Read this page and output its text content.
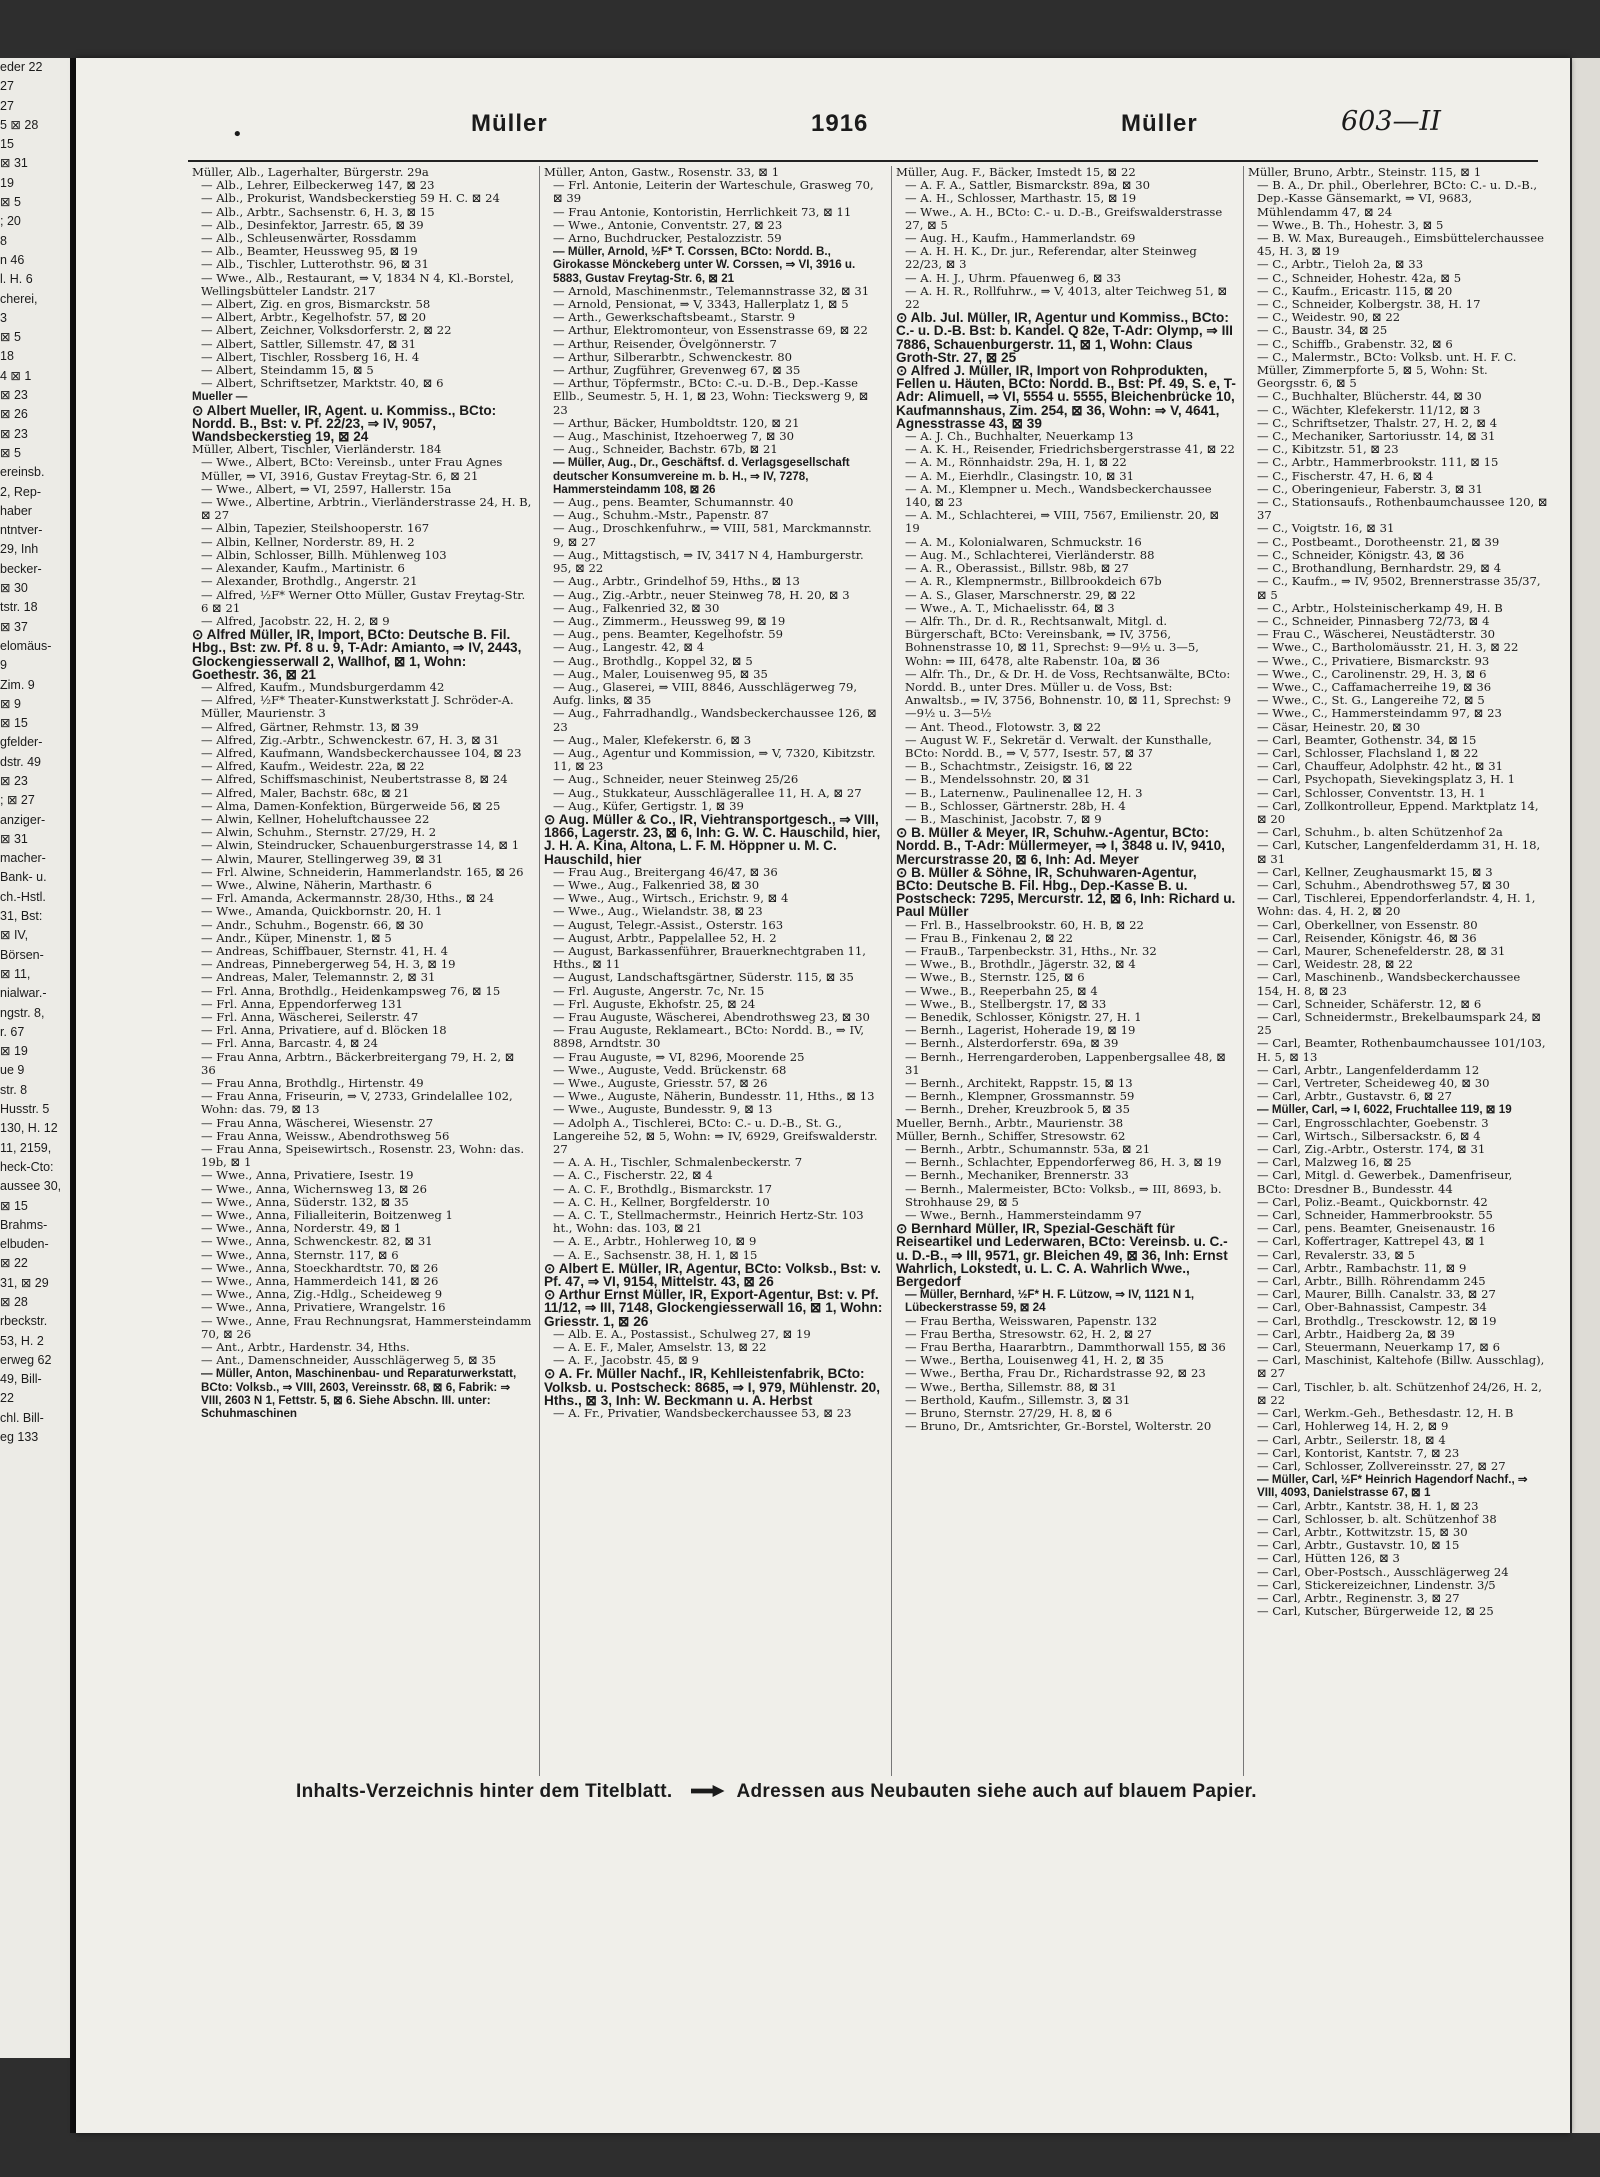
eder 22
27
27
5 ⊠ 28
15
⊠ 31
19
⊠ 5
; 20
8
n 46
l. H. 6
cherei,
3
⊠ 5
18
4 ⊠ 1
⊠ 23
⊠ 26
⊠ 23
⊠ 5
ereinsb.
2, Rep-
haber
ntntver-
29, Inh
becker-
⊠ 30
tstr. 18
⊠ 37
elomäus-
9
Zim. 9
⊠ 9
⊠ 15
gfelder-
dstr. 49
⊠ 23
; ⊠ 27
anziger-
⊠ 31
macher-
Bank- u.
ch.-Hstl.
31, Bst:
⊠ IV,
Börsen-
⊠ 11,
nialwar.-
ngstr. 8,
r. 67
⊠ 19
ue 9
str. 8
Husstr. 5
130, H. 12
11, 2159,
heck-Cto:
aussee 30,
⊠ 15
Brahms-
elbuden-
⊠ 22
31, ⊠ 29
⊠ 28
rbeckstr.
53, H. 2
erweg 62
49, Bill-
22
chl. Bill-
eg 133
•	Müller	1916	Müller	603—II
Müller, Alb., Lagerhalter, Bürgerstr. 29a
— Alb., Lehrer, Eilbeckerweg 147, ⊠ 23
— Alb., Prokurist, Wandsbeckerstieg 59 H. C. ⊠ 24
— Alb., Arbtr., Sachsenstr. 6, H. 3, ⊠ 15
— Alb., Desinfektor, Jarrestr. 65, ⊠ 39
— Alb., Schleusenwärter, Rossdamm
— Alb., Beamter, Heussweg 95, ⊠ 19
— Alb., Tischler, Lutterothstr. 96, ⊠ 31
— Wwe., Alb., Restaurant, ⇒ V, 1834 N 4, Kl.-Borstel, Wellingsbütteler Landstr. 217
— Albert, Zig. en gros, Bismarckstr. 58
— Albert, Arbtr., Kegelhofstr. 57, ⊠ 20
— Albert, Zeichner, Volksdorferstr. 2, ⊠ 22
— Albert, Sattler, Sillemstr. 47, ⊠ 31
— Albert, Tischler, Rossberg 16, H. 4
— Albert, Steindamm 15, ⊠ 5
— Albert, Schriftsetzer, Marktstr. 40, ⊠ 6
Mueller —
⊙ Albert Mueller, IR, Agent. u. Kommiss., BCto: Nordd. B., Bst: v. Pf. 22/23, ⇒ IV, 9057, Wandsbeckerstieg 19, ⊠ 24
Müller, Albert, Tischler, Vierländerstr. 184
— Wwe., Albert, BCto: Vereinsb., unter Frau Agnes Müller, ⇒ VI, 3916, Gustav Freytag-Str. 6, ⊠ 21
— Wwe., Albert, ⇒ VI, 2597, Hallerstr. 15a
— Wwe., Albertine, Arbtrin., Vierländerstrasse 24, H. B, ⊠ 27
— Albin, Tapezier, Steilshooperstr. 167
— Albin, Kellner, Norderstr. 89, H. 2
— Albin, Schlosser, Billh. Mühlenweg 103
— Alexander, Kaufm., Martinistr. 6
— Alexander, Brothdlg., Angerstr. 21
— Alfred, ½F* Werner Otto Müller, Gustav Freytag-Str. 6 ⊠ 21
— Alfred, Jacobstr. 22, H. 2, ⊠ 9
⊙ Alfred Müller, IR, Import, BCto: Deutsche B. Fil. Hbg., Bst: zw. Pf. 8 u. 9, T-Adr: Amianto, ⇒ IV, 2443, Glockengiesserwall 2, Wallhof, ⊠ 1, Wohn: Goethestr. 36, ⊠ 21
— Alfred, Kaufm., Mundsburgerdamm 42
— Alfred, ½F* Theater-Kunstwerkstatt J. Schröder-A. Müller, Maurienstr. 3
— Alfred, Gärtner, Rehmstr. 13, ⊠ 39
— Alfred, Zig.-Arbtr., Schwenckestr. 67, H. 3, ⊠ 31
— Alfred, Kaufmann, Wandsbeckerchaussee 104, ⊠ 23
— Alfred, Kaufm., Weidestr. 22a, ⊠ 22
— Alfred, Schiffsmaschinist, Neubertstrasse 8, ⊠ 24
— Alfred, Maler, Bachstr. 68c, ⊠ 21
— Alma, Damen-Konfektion, Bürgerweide 56, ⊠ 25
— Alwin, Kellner, Hoheluftchaussee 22
— Alwin, Schuhm., Sternstr. 27/29, H. 2
— Alwin, Steindrucker, Schauenburgerstrasse 14, ⊠ 1
— Alwin, Maurer, Stellingerweg 39, ⊠ 31
— Frl. Alwine, Schneiderin, Hammerlandstr. 165, ⊠ 26
— Wwe., Alwine, Näherin, Marthastr. 6
— Frl. Amanda, Ackermannstr. 28/30, Hths., ⊠ 24
— Wwe., Amanda, Quickbornstr. 20, H. 1
— Andr., Schuhm., Bogenstr. 66, ⊠ 30
— Andr., Küper, Minenstr. 1, ⊠ 5
— Andreas, Schiffbauer, Sternstr. 41, H. 4
— Andreas, Pinnebergerweg 54, H. 3, ⊠ 19
— Andreas, Maler, Telemannstr. 2, ⊠ 31
— Frl. Anna, Brothdlg., Heidenkampsweg 76, ⊠ 15
— Frl. Anna, Eppendorferweg 131
— Frl. Anna, Wäscherei, Seilerstr. 47
— Frl. Anna, Privatiere, auf d. Blöcken 18
— Frl. Anna, Barcastr. 4, ⊠ 24
— Frau Anna, Arbtrn., Bäckerbreitergang 79, H. 2, ⊠ 36
— Frau Anna, Brothdlg., Hirtenstr. 49
— Frau Anna, Friseurin, ⇒ V, 2733, Grindelallee 102, Wohn: das. 79, ⊠ 13
— Frau Anna, Wäscherei, Wiesenstr. 27
— Frau Anna, Weissw., Abendrothsweg 56
— Frau Anna, Speisewirtsch., Rosenstr. 23, Wohn: das. 19b, ⊠ 1
— Wwe., Anna, Privatiere, Isestr. 19
— Wwe., Anna, Wichernsweg 13, ⊠ 26
— Wwe., Anna, Süderstr. 132, ⊠ 35
— Wwe., Anna, Filialleiterin, Boitzenweg 1
— Wwe., Anna, Norderstr. 49, ⊠ 1
— Wwe., Anna, Schwenckestr. 82, ⊠ 31
— Wwe., Anna, Sternstr. 117, ⊠ 6
— Wwe., Anna, Stoeckhardtstr. 70, ⊠ 26
— Wwe., Anna, Hammerdeich 141, ⊠ 26
— Wwe., Anna, Zig.-Hdlg., Scheideweg 9
— Wwe., Anna, Privatiere, Wrangelstr. 16
— Wwe., Anne, Frau Rechnungsrat, Hammersteindamm 70, ⊠ 26
— Ant., Arbtr., Hardenstr. 34, Hths.
— Ant., Damenschneider, Ausschlägerweg 5, ⊠ 35
— Müller, Anton, Maschinenbau- und Reparaturwerkstatt, BCto: Volksb., ⇒ VIII, 2603, Vereinsstr. 68, ⊠ 6, Fabrik: ⇒ VIII, 2603 N 1, Fettstr. 5, ⊠ 6. Siehe Abschn. III. unter: Schuhmaschinen
Müller, Anton, Gastw., Rosenstr. 33, ⊠ 1
— Frl. Antonie, Leiterin der Warteschule, Grasweg 70, ⊠ 39
— Frau Antonie, Kontoristin, Herrlichkeit 73, ⊠ 11
— Wwe., Antonie, Conventstr. 27, ⊠ 23
— Arno, Buchdrucker, Pestalozzistr. 59
— Müller, Arnold, ½F* T. Corssen, BCto: Nordd. B., Girokasse Mönckeberg unter W. Corssen, ⇒ VI, 3916 u. 5883, Gustav Freytag-Str. 6, ⊠ 21
— Arnold, Maschinenmstr., Telemannstrasse 32, ⊠ 31
— Arnold, Pensionat, ⇒ V, 3343, Hallerplatz 1, ⊠ 5
— Arth., Gewerkschaftsbeamt., Starstr. 9
— Arthur, Elektromonteur, von Essenstrasse 69, ⊠ 22
— Arthur, Reisender, Övelgönnerstr. 7
— Arthur, Silberarbtr., Schwenckestr. 80
— Arthur, Zugführer, Grevenweg 67, ⊠ 35
— Arthur, Töpfermstr., BCto: C.-u. D.-B., Dep.-Kasse Ellb., Seumestr. 5, H. 1, ⊠ 23, Wohn: Tieckswerg 9, ⊠ 23
— Arthur, Bäcker, Humboldtstr. 120, ⊠ 21
— Aug., Maschinist, Itzehoerweg 7, ⊠ 30
— Aug., Schneider, Bachstr. 67b, ⊠ 21
— Müller, Aug., Dr., Geschäftsf. d. Verlagsgesellschaft deutscher Konsumvereine m. b. H., ⇒ IV, 7278, Hammersteindamm 108, ⊠ 26
— Aug., pens. Beamter, Schumannstr. 40
— Aug., Schuhm.-Mstr., Papenstr. 87
— Aug., Droschkenfuhrw., ⇒ VIII, 581, Marckmannstr. 9, ⊠ 27
— Aug., Mittagstisch, ⇒ IV, 3417 N 4, Hamburgerstr. 95, ⊠ 22
— Aug., Arbtr., Grindelhof 59, Hths., ⊠ 13
— Aug., Zig.-Arbtr., neuer Steinweg 78, H. 20, ⊠ 3
— Aug., Falkenried 32, ⊠ 30
— Aug., Zimmerm., Heussweg 99, ⊠ 19
— Aug., pens. Beamter, Kegelhofstr. 59
— Aug., Langestr. 42, ⊠ 4
— Aug., Brothdlg., Koppel 32, ⊠ 5
— Aug., Maler, Louisenweg 95, ⊠ 35
— Aug., Glaserei, ⇒ VIII, 8846, Ausschlägerweg 79, Aufg. links, ⊠ 35
— Aug., Fahrradhandlg., Wandsbeckerchaussee 126, ⊠ 23
— Aug., Maler, Klefekerstr. 6, ⊠ 3
— Aug., Agentur und Kommission, ⇒ V, 7320, Kibitzstr. 11, ⊠ 23
— Aug., Schneider, neuer Steinweg 25/26
— Aug., Stukkateur, Ausschlägerallee 11, H. A, ⊠ 27
— Aug., Küfer, Gertigstr. 1, ⊠ 39
⊙ Aug. Müller & Co., IR, Viehtransportgesch., ⇒ VIII, 1866, Lagerstr. 23, ⊠ 6, Inh: G. W. C. Hauschild, hier, J. H. A. Kina, Altona, L. F. M. Höppner u. M. C. Hauschild, hier
— Frau Aug., Breitergang 46/47, ⊠ 36
— Wwe., Aug., Falkenried 38, ⊠ 30
— Wwe., Aug., Wirtsch., Erichstr. 9, ⊠ 4
— Wwe., Aug., Wielandstr. 38, ⊠ 23
— August, Telegr.-Assist., Osterstr. 163
— August, Arbtr., Pappelallee 52, H. 2
— August, Barkassenführer, Brauerknechtgraben 11, Hths., ⊠ 11
— August, Landschaftsgärtner, Süderstr. 115, ⊠ 35
— Frl. Auguste, Angerstr. 7c, Nr. 15
— Frl. Auguste, Ekhofstr. 25, ⊠ 24
— Frau Auguste, Wäscherei, Abendrothsweg 23, ⊠ 30
— Frau Auguste, Reklameart., BCto: Nordd. B., ⇒ IV, 8898, Arndtstr. 30
— Frau Auguste, ⇒ VI, 8296, Moorende 25
— Wwe., Auguste, Vedd. Brückenstr. 68
— Wwe., Auguste, Griesstr. 57, ⊠ 26
— Wwe., Auguste, Näherin, Bundesstr. 11, Hths., ⊠ 13
— Wwe., Auguste, Bundesstr. 9, ⊠ 13
— Adolph A., Tischlerei, BCto: C.- u. D.-B., St. G., Langereihe 52, ⊠ 5, Wohn: ⇒ IV, 6929, Greifswalderstr. 27
— A. A. H., Tischler, Schmalenbeckerstr. 7
— A. C., Fischerstr. 22, ⊠ 4
— A. C. F., Brothdlg., Bismarckstr. 17
— A. C. H., Kellner, Borgfelderstr. 10
— A. C. T., Stellmachermstr., Heinrich Hertz-Str. 103 ht., Wohn: das. 103, ⊠ 21
— A. E., Arbtr., Hohlerweg 10, ⊠ 9
— A. E., Sachsenstr. 38, H. 1, ⊠ 15
⊙ Albert E. Müller, IR, Agentur, BCto: Volksb., Bst: v. Pf. 47, ⇒ VI, 9154, Mittelstr. 43, ⊠ 26
⊙ Arthur Ernst Müller, IR, Export-Agentur, Bst: v. Pf. 11/12, ⇒ III, 7148, Glockengiesserwall 16, ⊠ 1, Wohn: Griesstr. 1, ⊠ 26
— Alb. E. A., Postassist., Schulweg 27, ⊠ 19
— A. E. F., Maler, Amselstr. 13, ⊠ 22
— A. F., Jacobstr. 45, ⊠ 9
⊙ A. Fr. Müller Nachf., IR, Kehlleistenfabrik, BCto: Volksb. u. Postscheck: 8685, ⇒ I, 979, Mühlenstr. 20, Hths., ⊠ 3, Inh: W. Beckmann u. A. Herbst
— A. Fr., Privatier, Wandsbeckerchaussee 53, ⊠ 23
Müller, Aug. F., Bäcker, Imstedt 15, ⊠ 22
— A. F. A., Sattler, Bismarckstr. 89a, ⊠ 30
— A. H., Schlosser, Marthastr. 15, ⊠ 19
— Wwe., A. H., BCto: C.- u. D.-B., Greifswalderstrasse 27, ⊠ 5
— Aug. H., Kaufm., Hammerlandstr. 69
— A. H. H. K., Dr. jur., Referendar, alter Steinweg 22/23, ⊠ 3
— A. H. J., Uhrm. Pfauenweg 6, ⊠ 33
— A. H. R., Rollfuhrw., ⇒ V, 4013, alter Teichweg 51, ⊠ 22
⊙ Alb. Jul. Müller, IR, Agentur und Kommiss., BCto: C.- u. D.-B. Bst: b. Kandel. Q 82e, T-Adr: Olymp, ⇒ III 7886, Schauenburgerstr. 11, ⊠ 1, Wohn: Claus Groth-Str. 27, ⊠ 25
⊙ Alfred J. Müller, IR, Import von Rohprodukten, Fellen u. Häuten, BCto: Nordd. B., Bst: Pf. 49, S. e, T-Adr: Alimuell, ⇒ VI, 5554 u. 5555, Bleichenbrücke 10, Kaufmannshaus, Zim. 254, ⊠ 36, Wohn: ⇒ V, 4641, Agnesstrasse 43, ⊠ 39
— A. J. Ch., Buchhalter, Neuerkamp 13
— A. K. H., Reisender, Friedrichsbergerstrasse 41, ⊠ 22
— A. M., Rönnhaidstr. 29a, H. 1, ⊠ 22
— A. M., Eierhdlr., Clasingstr. 10, ⊠ 31
— A. M., Klempner u. Mech., Wandsbeckerchaussee 140, ⊠ 23
— A. M., Schlachterei, ⇒ VIII, 7567, Emilienstr. 20, ⊠ 19
— A. M., Kolonialwaren, Schmuckstr. 16
— Aug. M., Schlachterei, Vierländerstr. 88
— A. R., Oberassist., Billstr. 98b, ⊠ 27
— A. R., Klempnermstr., Billbrookdeich 67b
— A. S., Glaser, Marschnerstr. 29, ⊠ 22
— Wwe., A. T., Michaelisstr. 64, ⊠ 3
— Alfr. Th., Dr. d. R., Rechtsanwalt, Mitgl. d. Bürgerschaft, BCto: Vereinsbank, ⇒ IV, 3756, Bohnenstrasse 10, ⊠ 11, Sprechst: 9—9½ u. 3—5, Wohn: ⇒ III, 6478, alte Rabenstr. 10a, ⊠ 36
— Alfr. Th., Dr., & Dr. H. de Voss, Rechtsanwälte, BCto: Nordd. B., unter Dres. Müller u. de Voss, Bst: Anwaltsb., ⇒ IV, 3756, Bohnenstr. 10, ⊠ 11, Sprechst: 9—9½ u. 3—5½
— Ant. Theod., Flotowstr. 3, ⊠ 22
— August W. F., Sekretär d. Verwalt. der Kunsthalle, BCto: Nordd. B., ⇒ V, 577, Isestr. 57, ⊠ 37
— B., Schachtmstr., Zeisigstr. 16, ⊠ 22
— B., Mendelssohnstr. 20, ⊠ 31
— B., Laternenw., Paulinenallee 12, H. 3
— B., Schlosser, Gärtnerstr. 28b, H. 4
— B., Maschinist, Jacobstr. 7, ⊠ 9
⊙ B. Müller & Meyer, IR, Schuhw.-Agentur, BCto: Nordd. B., T-Adr: Müllermeyer, ⇒ I, 3848 u. IV, 9410, Mercurstrasse 20, ⊠ 6, Inh: Ad. Meyer
⊙ B. Müller & Söhne, IR, Schuhwaren-Agentur, BCto: Deutsche B. Fil. Hbg., Dep.-Kasse B. u. Postscheck: 7295, Mercurstr. 12, ⊠ 6, Inh: Richard u. Paul Müller
— Frl. B., Hasselbrookstr. 60, H. B, ⊠ 22
— Frau B., Finkenau 2, ⊠ 22
— FrauB., Tarpenbeckstr. 31, Hths., Nr. 32
— Wwe., B., Brothdlr., Jägerstr. 32, ⊠ 4
— Wwe., B., Sternstr. 125, ⊠ 6
— Wwe., B., Reeperbahn 25, ⊠ 4
— Wwe., B., Stellbergstr. 17, ⊠ 33
— Benedik, Schlosser, Königstr. 27, H. 1
— Bernh., Lagerist, Hoherade 19, ⊠ 19
— Bernh., Alsterdorferstr. 69a, ⊠ 39
— Bernh., Herrengarderoben, Lappenbergsallee 48, ⊠ 31
— Bernh., Architekt, Rappstr. 15, ⊠ 13
— Bernh., Klempner, Grossmannstr. 59
— Bernh., Dreher, Kreuzbrook 5, ⊠ 35
Mueller, Bernh., Arbtr., Maurienstr. 38
Müller, Bernh., Schiffer, Stresowstr. 62
— Bernh., Arbtr., Schumannstr. 53a, ⊠ 21
— Bernh., Schlachter, Eppendorferweg 86, H. 3, ⊠ 19
— Bernh., Mechaniker, Brennerstr. 33
— Bernh., Malermeister, BCto: Volksb., ⇒ III, 8693, b. Strohhause 29, ⊠ 5
— Wwe., Bernh., Hammersteindamm 97
⊙ Bernhard Müller, IR, Spezial-Geschäft für Reiseartikel und Lederwaren, BCto: Vereinsb. u. C.- u. D.-B., ⇒ III, 9571, gr. Bleichen 49, ⊠ 36, Inh: Ernst Wahrlich, Lokstedt, u. L. C. A. Wahrlich Wwe., Bergedorf
— Müller, Bernhard, ½F* H. F. Lützow, ⇒ IV, 1121 N 1, Lübeckerstrasse 59, ⊠ 24
— Frau Bertha, Weisswaren, Papenstr. 132
— Frau Bertha, Stresowstr. 62, H. 2, ⊠ 27
— Frau Bertha, Haararbtrn., Dammthorwall 155, ⊠ 36
— Wwe., Bertha, Louisenweg 41, H. 2, ⊠ 35
— Wwe., Bertha, Frau Dr., Richardstrasse 92, ⊠ 23
— Wwe., Bertha, Sillemstr. 88, ⊠ 31
— Berthold, Kaufm., Sillemstr. 3, ⊠ 31
— Bruno, Sternstr. 27/29, H. 8, ⊠ 6
— Bruno, Dr., Amtsrichter, Gr.-Borstel, Wolterstr. 20
Müller, Bruno, Arbtr., Steinstr. 115, ⊠ 1
— B. A., Dr. phil., Oberlehrer, BCto: C.- u. D.-B., Dep.-Kasse Gänsemarkt, ⇒ VI, 9683, Mühlendamm 47, ⊠ 24
— Wwe., B. Th., Hohestr. 3, ⊠ 5
— B. W. Max, Bureaugeh., Eimsbüttelerchaussee 45, H. 3, ⊠ 19
— C., Arbtr., Tieloh 2a, ⊠ 33
— C., Schneider, Hohestr. 42a, ⊠ 5
— C., Kaufm., Ericastr. 115, ⊠ 20
— C., Schneider, Kolbergstr. 38, H. 17
— C., Weidestr. 90, ⊠ 22
— C., Baustr. 34, ⊠ 25
— C., Schiffb., Grabenstr. 32, ⊠ 6
— C., Malermstr., BCto: Volksb. unt. H. F. C. Müller, Zimmerpforte 5, ⊠ 5, Wohn: St. Georgsstr. 6, ⊠ 5
— C., Buchhalter, Blücherstr. 44, ⊠ 30
— C., Wächter, Klefekerstr. 11/12, ⊠ 3
— C., Schriftsetzer, Thalstr. 27, H. 2, ⊠ 4
— C., Mechaniker, Sartoriusstr. 14, ⊠ 31
— C., Kibitzstr. 51, ⊠ 23
— C., Arbtr., Hammerbrookstr. 111, ⊠ 15
— C., Fischerstr. 47, H. 6, ⊠ 4
— C., Oberingenieur, Faberstr. 3, ⊠ 31
— C., Stationsaufs., Rothenbaumchaussee 120, ⊠ 37
— C., Voigtstr. 16, ⊠ 31
— C., Postbeamt., Dorotheenstr. 21, ⊠ 39
— C., Schneider, Königstr. 43, ⊠ 36
— C., Brothandlung, Bernhardstr. 29, ⊠ 4
— C., Kaufm., ⇒ IV, 9502, Brennerstrasse 35/37, ⊠ 5
— C., Arbtr., Holsteinischerkamp 49, H. B
— C., Schneider, Pinnasberg 72/73, ⊠ 4
— Frau C., Wäscherei, Neustädterstr. 30
— Wwe., C., Bartholomäusstr. 21, H. 3, ⊠ 22
— Wwe., C., Privatiere, Bismarckstr. 93
— Wwe., C., Carolinenstr. 29, H. 3, ⊠ 6
— Wwe., C., Caffamacherreihe 19, ⊠ 36
— Wwe., C., St. G., Langereihe 72, ⊠ 5
— Wwe., C., Hammersteindamm 97, ⊠ 23
— Cäsar, Heinestr. 20, ⊠ 30
— Carl, Beamter, Gothenstr. 34, ⊠ 15
— Carl, Schlosser, Flachsland 1, ⊠ 22
— Carl, Chauffeur, Adolphstr. 42 ht., ⊠ 31
— Carl, Psychopath, Sievekingsplatz 3, H. 1
— Carl, Schlosser, Conventstr. 13, H. 1
— Carl, Zollkontrolleur, Eppend. Marktplatz 14, ⊠ 20
— Carl, Schuhm., b. alten Schützenhof 2a
— Carl, Kutscher, Langenfelderdamm 31, H. 18, ⊠ 31
— Carl, Kellner, Zeughausmarkt 15, ⊠ 3
— Carl, Schuhm., Abendrothsweg 57, ⊠ 30
— Carl, Tischlerei, Eppendorferlandstr. 4, H. 1, Wohn: das. 4, H. 2, ⊠ 20
— Carl, Oberkellner, von Essenstr. 80
— Carl, Reisender, Königstr. 46, ⊠ 36
— Carl, Maurer, Schenefelderstr. 28, ⊠ 31
— Carl, Weidestr. 28, ⊠ 22
— Carl, Maschinenb., Wandsbeckerchaussee 154, H. 8, ⊠ 23
— Carl, Schneider, Schäferstr. 12, ⊠ 6
— Carl, Schneidermstr., Brekelbaumspark 24, ⊠ 25
— Carl, Beamter, Rothenbaumchaussee 101/103, H. 5, ⊠ 13
— Carl, Arbtr., Langenfelderdamm 12
— Carl, Vertreter, Scheideweg 40, ⊠ 30
— Carl, Arbtr., Gustavstr. 6, ⊠ 27
— Müller, Carl, ⇒ I, 6022, Fruchtallee 119, ⊠ 19
— Carl, Engrosschlachter, Goebenstr. 3
— Carl, Wirtsch., Silbersackstr. 6, ⊠ 4
— Carl, Zig.-Arbtr., Osterstr. 174, ⊠ 31
— Carl, Malzweg 16, ⊠ 25
— Carl, Mitgl. d. Gewerbek., Damenfriseur, BCto: Dresdner B., Bundesstr. 44
— Carl, Poliz.-Beamt., Quickbornstr. 42
— Carl, Schneider, Hammerbrookstr. 55
— Carl, pens. Beamter, Gneisenaustr. 16
— Carl, Koffertrager, Kattrepel 43, ⊠ 1
— Carl, Revalerstr. 33, ⊠ 5
— Carl, Arbtr., Rambachstr. 11, ⊠ 9
— Carl, Arbtr., Billh. Röhrendamm 245
— Carl, Maurer, Billh. Canalstr. 33, ⊠ 27
— Carl, Ober-Bahnassist, Campestr. 34
— Carl, Brothdlg., Tresckowstr. 12, ⊠ 19
— Carl, Arbtr., Haidberg 2a, ⊠ 39
— Carl, Steuermann, Neuerkamp 17, ⊠ 6
— Carl, Maschinist, Kaltehofe (Billw. Ausschlag), ⊠ 27
— Carl, Tischler, b. alt. Schützenhof 24/26, H. 2, ⊠ 22
— Carl, Werkm.-Geh., Bethesdastr. 12, H. B
— Carl, Hohlerweg 14, H. 2, ⊠ 9
— Carl, Arbtr., Seilerstr. 18, ⊠ 4
— Carl, Kontorist, Kantstr. 7, ⊠ 23
— Carl, Schlosser, Zollvereinsstr. 27, ⊠ 27
— Müller, Carl, ½F* Heinrich Hagendorf Nachf., ⇒ VIII, 4093, Danielstrasse 67, ⊠ 1
— Carl, Arbtr., Kantstr. 38, H. 1, ⊠ 23
— Carl, Schlosser, b. alt. Schützenhof 38
— Carl, Arbtr., Kottwitzstr. 15, ⊠ 30
— Carl, Arbtr., Gustavstr. 10, ⊠ 15
— Carl, Hütten 126, ⊠ 3
— Carl, Ober-Postsch., Ausschlägerweg 24
— Carl, Stickereizeichner, Lindenstr. 3/5
— Carl, Arbtr., Reginenstr. 3, ⊠ 27
— Carl, Kutscher, Bürgerweide 12, ⊠ 25
Inhalts-Verzeichnis hinter dem Titelblatt.	Adressen aus Neubauten siehe auch auf blauem Papier.
